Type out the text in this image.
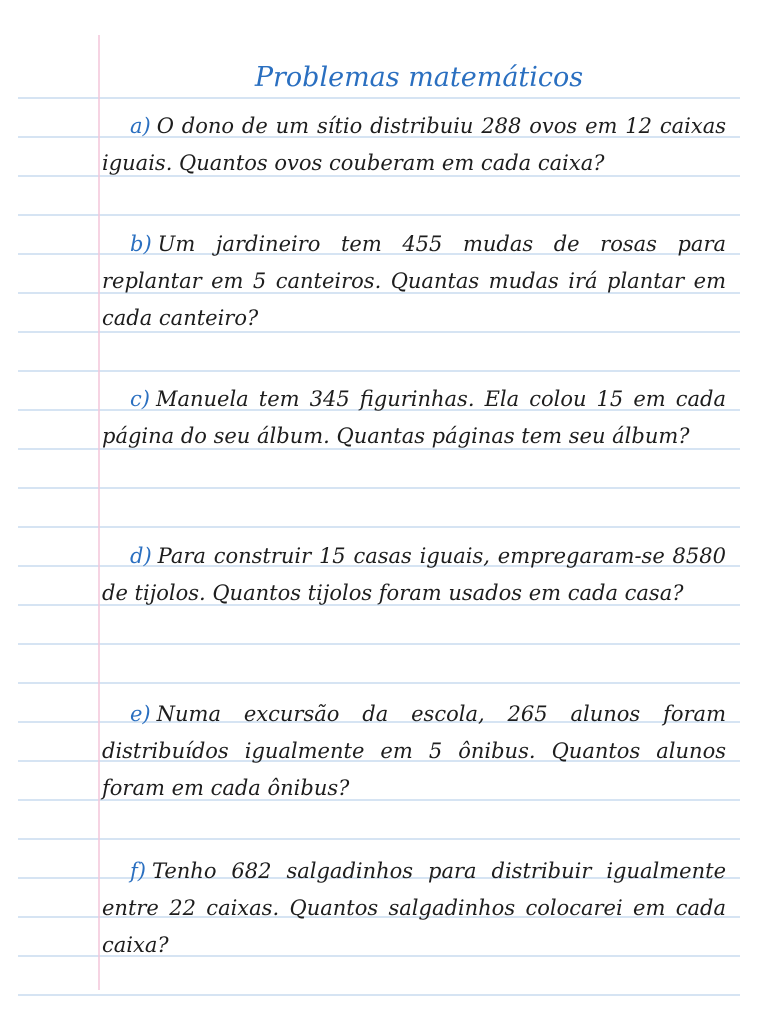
Problemas matemáticos

a) O dono de um sítio distribuiu 288 ovos em 12 caixas iguais. Quantos ovos couberam em cada caixa?

b) Um jardineiro tem 455 mudas de rosas para replantar em 5 canteiros. Quantas mudas irá plantar em cada canteiro?

c) Manuela tem 345 figurinhas. Ela colou 15 em cada página do seu álbum. Quantas páginas tem seu álbum?

d) Para construir 15 casas iguais, empregaram-se 8580 de tijolos. Quantos tijolos foram usados em cada casa?

e) Numa excursão da escola, 265 alunos foram distribuídos igualmente em 5 ônibus. Quantos alunos foram em cada ônibus?

f) Tenho 682 salgadinhos para distribuir igualmente entre 22 caixas. Quantos salgadinhos colocarei em cada caixa?
